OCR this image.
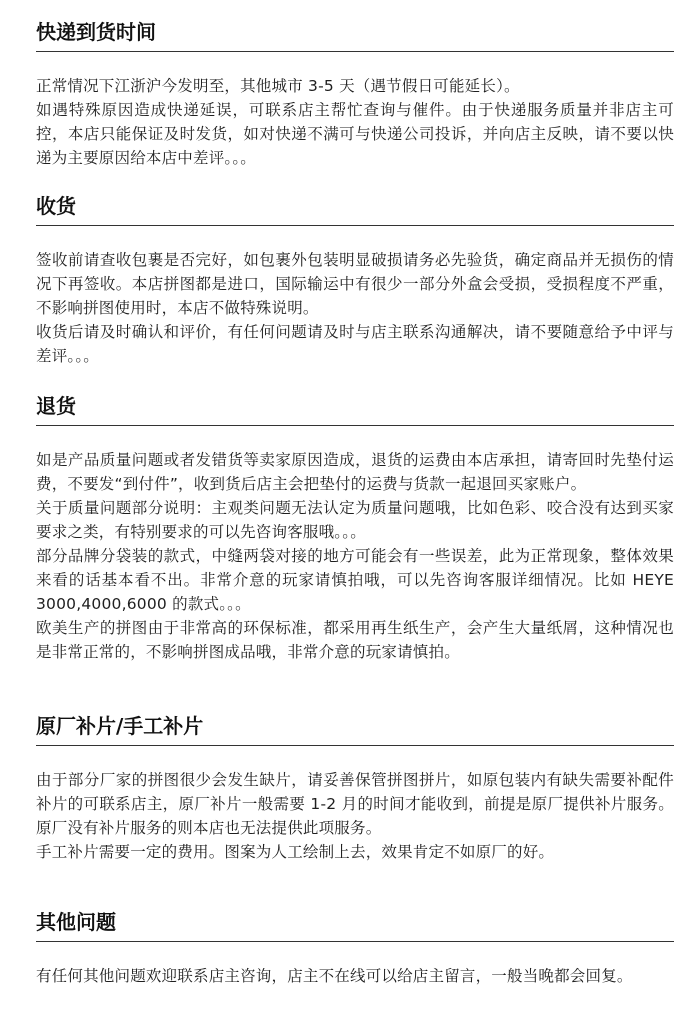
快递到货时间

正常情况下江浙沪今发明至，其他城市 3-5 天（遇节假日可能延长）。

如遇特殊原因造成快递延误，可联系店主帮忙查询与催件。由于快递服务质量并非店主可控，本店只能保证及时发货，如对快递不满可与快递公司投诉，并向店主反映，请不要以快递为主要原因给本店中差评。。。

收货

签收前请查收包裹是否完好，如包裹外包装明显破损请务必先验货，确定商品并无损伤的情况下再签收。本店拼图都是进口，国际输运中有很少一部分外盒会受损，受损程度不严重，不影响拼图使用时，本店不做特殊说明。

收货后请及时确认和评价，有任何问题请及时与店主联系沟通解决，请不要随意给予中评与差评。。。

退货

如是产品质量问题或者发错货等卖家原因造成，退货的运费由本店承担，请寄回时先垫付运费，不要发“到付件”，收到货后店主会把垫付的运费与货款一起退回买家账户。

关于质量问题部分说明：主观类问题无法认定为质量问题哦，比如色彩、咬合没有达到买家要求之类，有特别要求的可以先咨询客服哦。。。

部分品牌分袋装的款式，中缝两袋对接的地方可能会有一些误差，此为正常现象，整体效果来看的话基本看不出。非常介意的玩家请慎拍哦，可以先咨询客服详细情况。比如 HEYE 3000,4000,6000 的款式。。。

欧美生产的拼图由于非常高的环保标准，都采用再生纸生产，会产生大量纸屑，这种情况也是非常正常的，不影响拼图成品哦，非常介意的玩家请慎拍。

原厂补片/手工补片

由于部分厂家的拼图很少会发生缺片，请妥善保管拼图拼片，如原包装内有缺失需要补配件补片的可联系店主，原厂补片一般需要 1-2 月的时间才能收到，前提是原厂提供补片服务。原厂没有补片服务的则本店也无法提供此项服务。

手工补片需要一定的费用。图案为人工绘制上去，效果肯定不如原厂的好。

其他问题

有任何其他问题欢迎联系店主咨询，店主不在线可以给店主留言，一般当晚都会回复。
